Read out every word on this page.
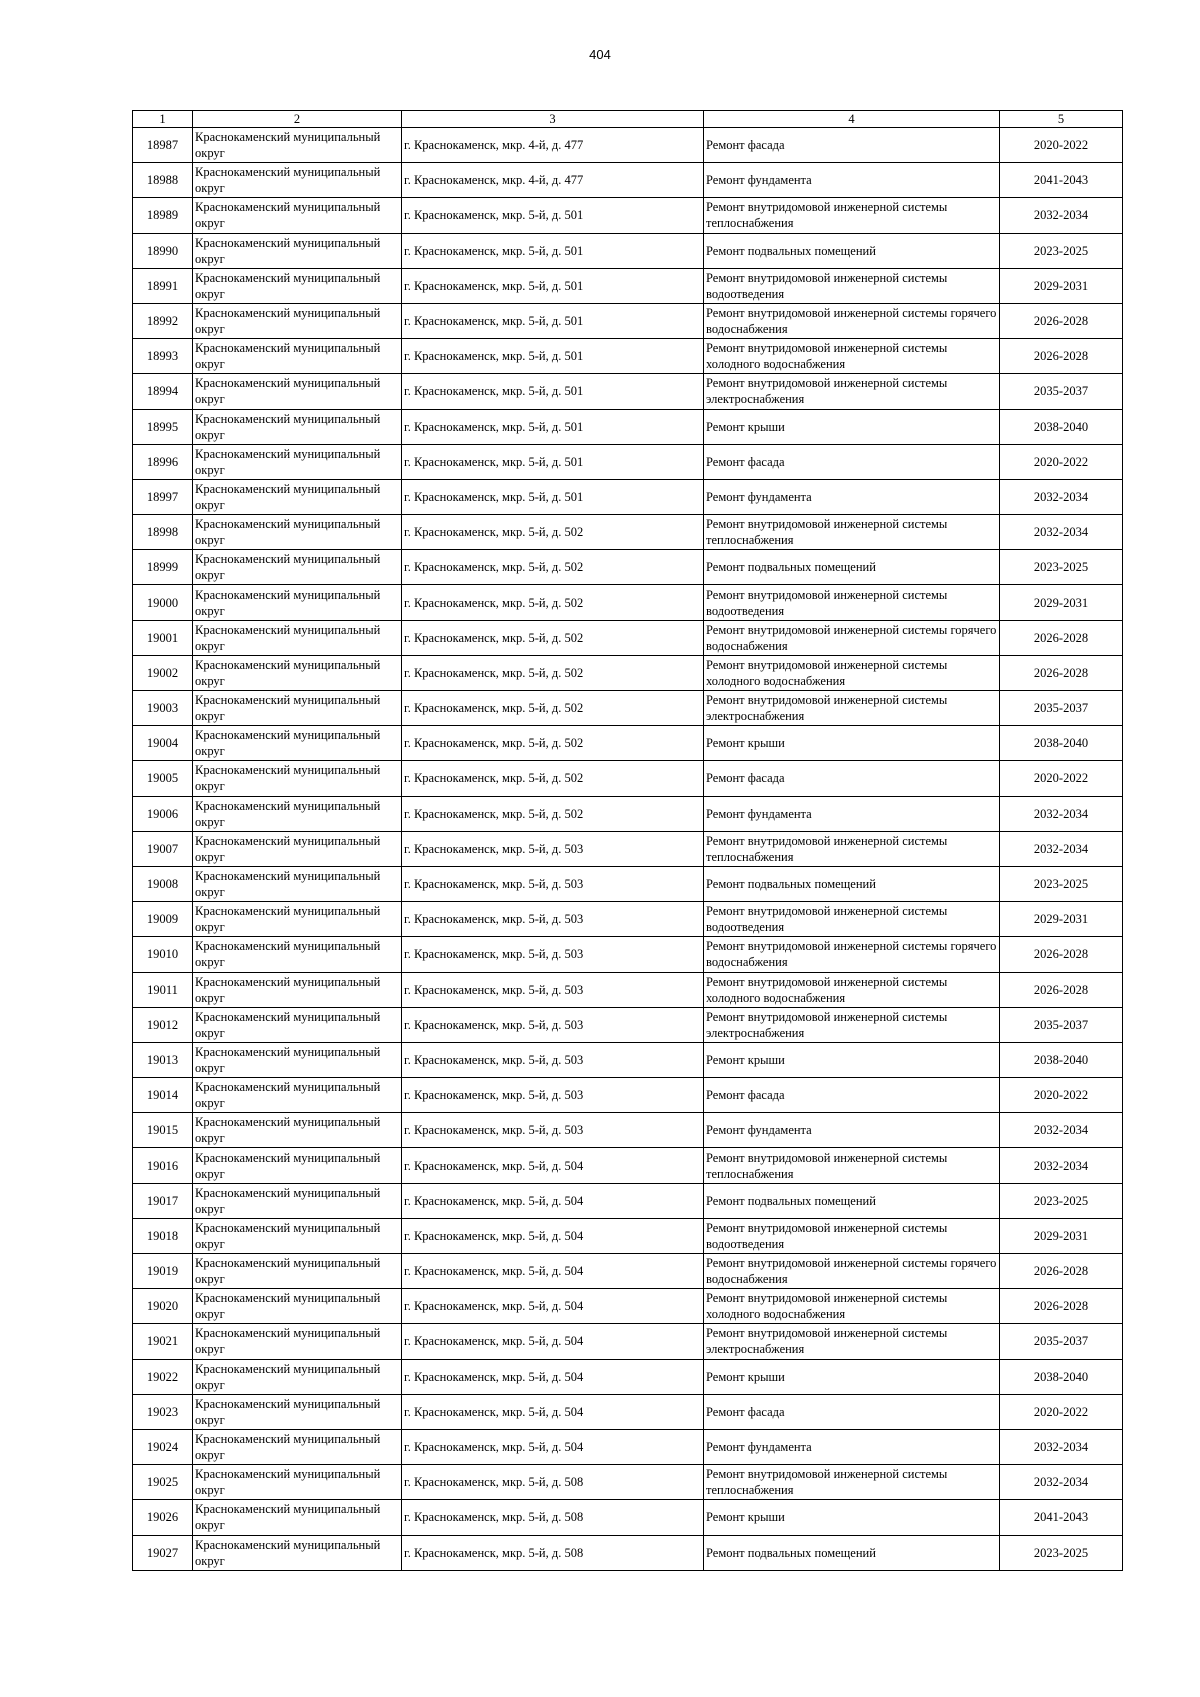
404
1	2	3	4	5
18987	Краснокаменский муниципальный округ	г. Краснокаменск, мкр. 4-й, д. 477	Ремонт фасада	2020-2022
18988	Краснокаменский муниципальный округ	г. Краснокаменск, мкр. 4-й, д. 477	Ремонт фундамента	2041-2043
18989	Краснокаменский муниципальный округ	г. Краснокаменск, мкр. 5-й, д. 501	Ремонт внутридомовой инженерной системы теплоснабжения	2032-2034
18990	Краснокаменский муниципальный округ	г. Краснокаменск, мкр. 5-й, д. 501	Ремонт подвальных помещений	2023-2025
18991	Краснокаменский муниципальный округ	г. Краснокаменск, мкр. 5-й, д. 501	Ремонт внутридомовой инженерной системы водоотведения	2029-2031
18992	Краснокаменский муниципальный округ	г. Краснокаменск, мкр. 5-й, д. 501	Ремонт внутридомовой инженерной системы горячего водоснабжения	2026-2028
18993	Краснокаменский муниципальный округ	г. Краснокаменск, мкр. 5-й, д. 501	Ремонт внутридомовой инженерной системы холодного водоснабжения	2026-2028
18994	Краснокаменский муниципальный округ	г. Краснокаменск, мкр. 5-й, д. 501	Ремонт внутридомовой инженерной системы электроснабжения	2035-2037
18995	Краснокаменский муниципальный округ	г. Краснокаменск, мкр. 5-й, д. 501	Ремонт крыши	2038-2040
18996	Краснокаменский муниципальный округ	г. Краснокаменск, мкр. 5-й, д. 501	Ремонт фасада	2020-2022
18997	Краснокаменский муниципальный округ	г. Краснокаменск, мкр. 5-й, д. 501	Ремонт фундамента	2032-2034
18998	Краснокаменский муниципальный округ	г. Краснокаменск, мкр. 5-й, д. 502	Ремонт внутридомовой инженерной системы теплоснабжения	2032-2034
18999	Краснокаменский муниципальный округ	г. Краснокаменск, мкр. 5-й, д. 502	Ремонт подвальных помещений	2023-2025
19000	Краснокаменский муниципальный округ	г. Краснокаменск, мкр. 5-й, д. 502	Ремонт внутридомовой инженерной системы водоотведения	2029-2031
19001	Краснокаменский муниципальный округ	г. Краснокаменск, мкр. 5-й, д. 502	Ремонт внутридомовой инженерной системы горячего водоснабжения	2026-2028
19002	Краснокаменский муниципальный округ	г. Краснокаменск, мкр. 5-й, д. 502	Ремонт внутридомовой инженерной системы холодного водоснабжения	2026-2028
19003	Краснокаменский муниципальный округ	г. Краснокаменск, мкр. 5-й, д. 502	Ремонт внутридомовой инженерной системы электроснабжения	2035-2037
19004	Краснокаменский муниципальный округ	г. Краснокаменск, мкр. 5-й, д. 502	Ремонт крыши	2038-2040
19005	Краснокаменский муниципальный округ	г. Краснокаменск, мкр. 5-й, д. 502	Ремонт фасада	2020-2022
19006	Краснокаменский муниципальный округ	г. Краснокаменск, мкр. 5-й, д. 502	Ремонт фундамента	2032-2034
19007	Краснокаменский муниципальный округ	г. Краснокаменск, мкр. 5-й, д. 503	Ремонт внутридомовой инженерной системы теплоснабжения	2032-2034
19008	Краснокаменский муниципальный округ	г. Краснокаменск, мкр. 5-й, д. 503	Ремонт подвальных помещений	2023-2025
19009	Краснокаменский муниципальный округ	г. Краснокаменск, мкр. 5-й, д. 503	Ремонт внутридомовой инженерной системы водоотведения	2029-2031
19010	Краснокаменский муниципальный округ	г. Краснокаменск, мкр. 5-й, д. 503	Ремонт внутридомовой инженерной системы горячего водоснабжения	2026-2028
19011	Краснокаменский муниципальный округ	г. Краснокаменск, мкр. 5-й, д. 503	Ремонт внутридомовой инженерной системы холодного водоснабжения	2026-2028
19012	Краснокаменский муниципальный округ	г. Краснокаменск, мкр. 5-й, д. 503	Ремонт внутридомовой инженерной системы электроснабжения	2035-2037
19013	Краснокаменский муниципальный округ	г. Краснокаменск, мкр. 5-й, д. 503	Ремонт крыши	2038-2040
19014	Краснокаменский муниципальный округ	г. Краснокаменск, мкр. 5-й, д. 503	Ремонт фасада	2020-2022
19015	Краснокаменский муниципальный округ	г. Краснокаменск, мкр. 5-й, д. 503	Ремонт фундамента	2032-2034
19016	Краснокаменский муниципальный округ	г. Краснокаменск, мкр. 5-й, д. 504	Ремонт внутридомовой инженерной системы теплоснабжения	2032-2034
19017	Краснокаменский муниципальный округ	г. Краснокаменск, мкр. 5-й, д. 504	Ремонт подвальных помещений	2023-2025
19018	Краснокаменский муниципальный округ	г. Краснокаменск, мкр. 5-й, д. 504	Ремонт внутридомовой инженерной системы водоотведения	2029-2031
19019	Краснокаменский муниципальный округ	г. Краснокаменск, мкр. 5-й, д. 504	Ремонт внутридомовой инженерной системы горячего водоснабжения	2026-2028
19020	Краснокаменский муниципальный округ	г. Краснокаменск, мкр. 5-й, д. 504	Ремонт внутридомовой инженерной системы холодного водоснабжения	2026-2028
19021	Краснокаменский муниципальный округ	г. Краснокаменск, мкр. 5-й, д. 504	Ремонт внутридомовой инженерной системы электроснабжения	2035-2037
19022	Краснокаменский муниципальный округ	г. Краснокаменск, мкр. 5-й, д. 504	Ремонт крыши	2038-2040
19023	Краснокаменский муниципальный округ	г. Краснокаменск, мкр. 5-й, д. 504	Ремонт фасада	2020-2022
19024	Краснокаменский муниципальный округ	г. Краснокаменск, мкр. 5-й, д. 504	Ремонт фундамента	2032-2034
19025	Краснокаменский муниципальный округ	г. Краснокаменск, мкр. 5-й, д. 508	Ремонт внутридомовой инженерной системы теплоснабжения	2032-2034
19026	Краснокаменский муниципальный округ	г. Краснокаменск, мкр. 5-й, д. 508	Ремонт крыши	2041-2043
19027	Краснокаменский муниципальный округ	г. Краснокаменск, мкр. 5-й, д. 508	Ремонт подвальных помещений	2023-2025
